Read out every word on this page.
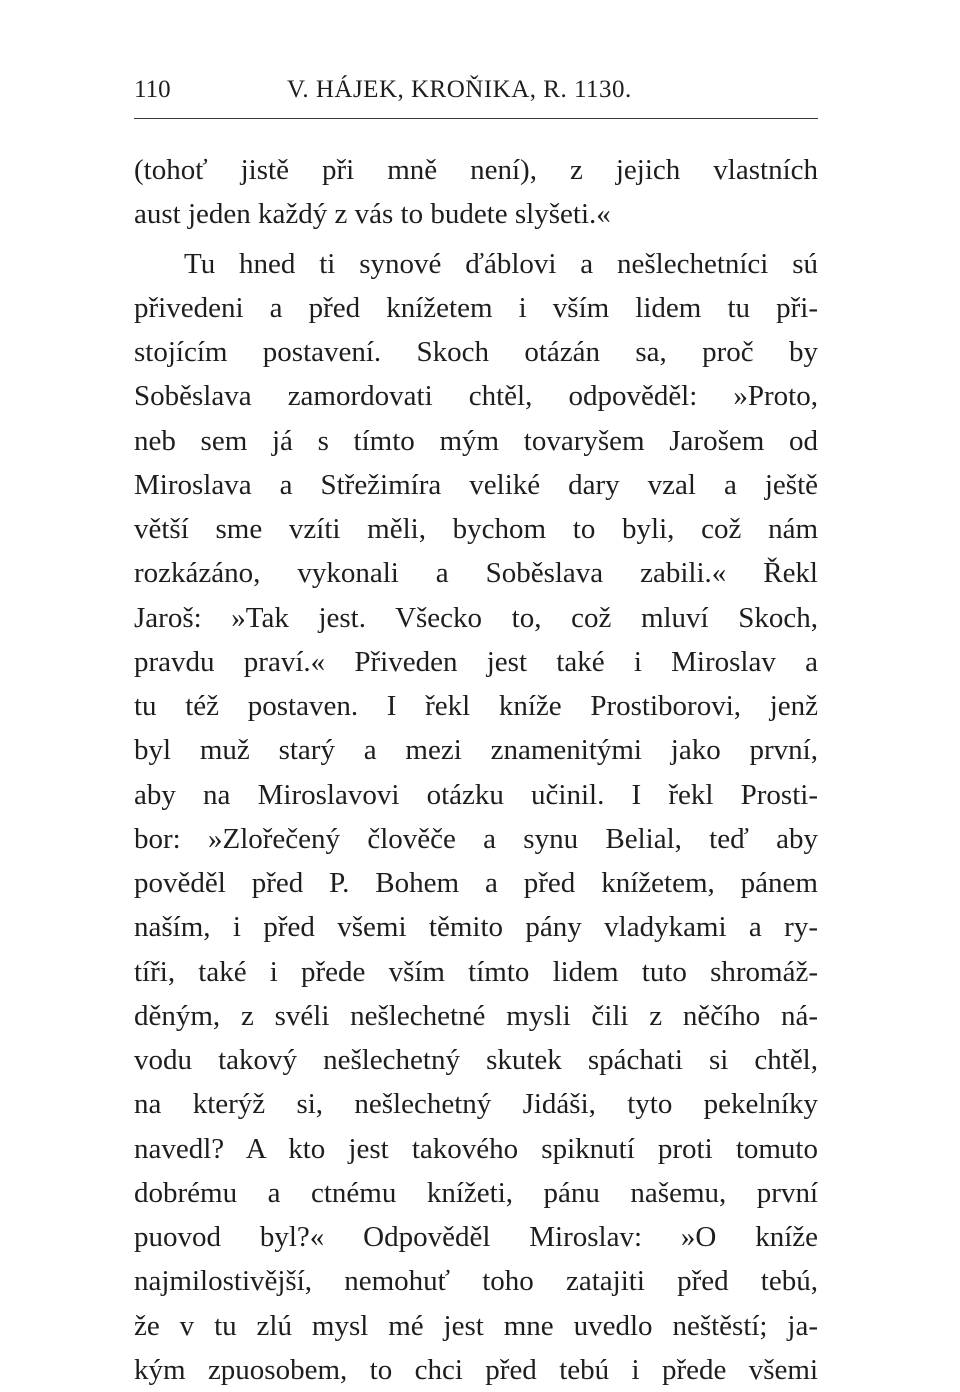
110	V. HÁJEK, KROŇIKA, R. 1130.
(tohoť jistě při mně není), z jejich vlastních
aust jeden každý z vás to budete slyšeti.«
Tu hned ti synové ďáblovi a nešlechetníci sú
přivedeni a před knížetem i vším lidem tu při-
stojícím postavení. Skoch otázán sa, proč by
Soběslava zamordovati chtěl, odpověděl: »Proto,
neb sem já s tímto mým tovaryšem Jarošem od
Miroslava a Střežimíra veliké dary vzal a ještě
větší sme vzíti měli, bychom to byli, což nám
rozkázáno, vykonali a Soběslava zabili.« Řekl
Jaroš: »Tak jest. Všecko to, což mluví Skoch,
pravdu praví.« Přiveden jest také i Miroslav a
tu též postaven. I řekl kníže Prostiborovi, jenž
byl muž starý a mezi znamenitými jako první,
aby na Miroslavovi otázku učinil. I řekl Prosti-
bor: »Zlořečený člověče a synu Belial, teď aby
pověděl před P. Bohem a před knížetem, pánem
naším, i před všemi těmito pány vladykami a ry-
tíři, také i přede vším tímto lidem tuto shromáž-
děným, z svéli nešlechetné mysli čili z něčího ná-
vodu takový nešlechetný skutek spáchati si chtěl,
na kterýž si, nešlechetný Jidáši, tyto pekelníky
navedl? A kto jest takového spiknutí proti tomuto
dobrému a ctnému knížeti, pánu našemu, první
puovod byl?« Odpověděl Miroslav: »O kníže
najmilostivější, nemohuť toho zatajiti před tebú,
že v tu zlú mysl mé jest mne uvedlo neštěstí; ja-
kým zpuosobem, to chci před tebú i přede všemi
